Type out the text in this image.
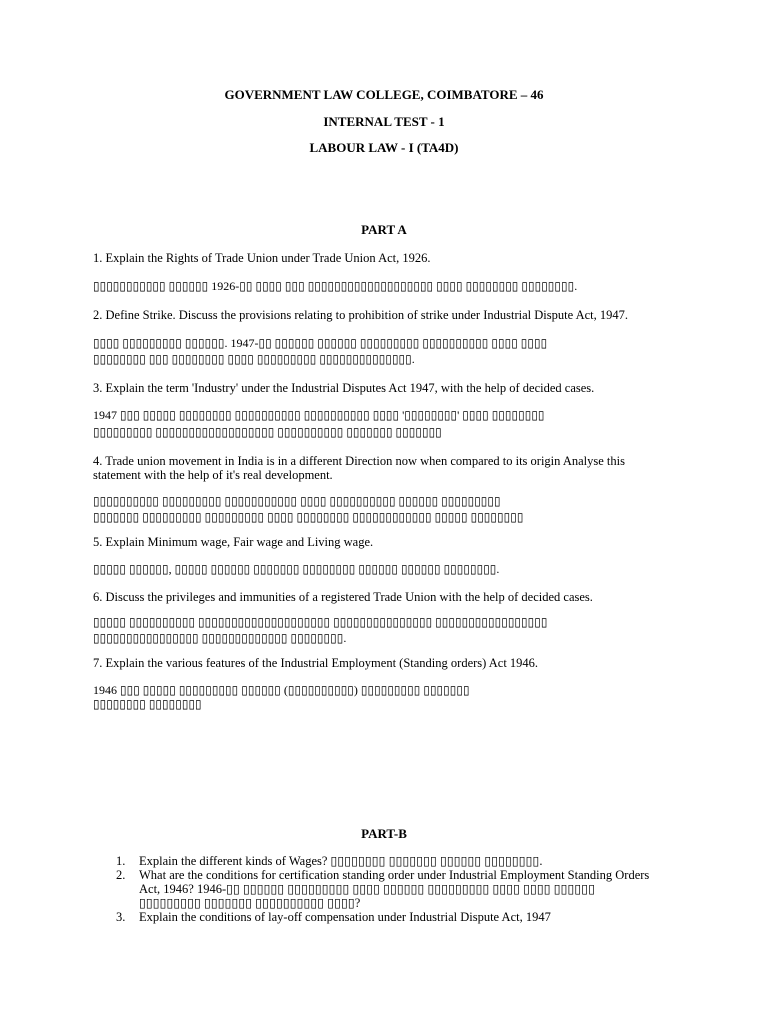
GOVERNMENT LAW COLLEGE, COIMBATORE – 46
INTERNAL TEST - 1
LABOUR LAW - I (TA4D)
PART A
1. Explain the Rights of Trade Union under Trade Union Act, 1926.
▯▯▯▯▯▯▯▯▯▯▯ ▯▯▯▯▯▯ 1926-▯▯ ▯▯▯▯ ▯▯▯ ▯▯▯▯▯▯▯▯▯▯▯▯▯▯▯▯▯▯▯ ▯▯▯▯ ▯▯▯▯▯▯▯▯ ▯▯▯▯▯▯▯▯.
2. Define Strike. Discuss the provisions relating to prohibition of strike under Industrial Dispute Act, 1947.
▯▯▯▯ ▯▯▯▯▯▯▯▯▯ ▯▯▯▯▯▯. 1947-▯▯ ▯▯▯▯▯▯ ▯▯▯▯▯▯ ▯▯▯▯▯▯▯▯▯ ▯▯▯▯▯▯▯▯▯▯ ▯▯▯▯ ▯▯▯▯
▯▯▯▯▯▯▯▯ ▯▯▯ ▯▯▯▯▯▯▯▯ ▯▯▯▯ ▯▯▯▯▯▯▯▯▯ ▯▯▯▯▯▯▯▯▯▯▯▯▯▯.
3. Explain the term 'Industry' under the Industrial Disputes Act 1947, with the help of decided cases.
1947 ▯▯▯ ▯▯▯▯▯ ▯▯▯▯▯▯▯▯ ▯▯▯▯▯▯▯▯▯▯ ▯▯▯▯▯▯▯▯▯▯ ▯▯▯▯ '▯▯▯▯▯▯▯▯' ▯▯▯▯ ▯▯▯▯▯▯▯▯
▯▯▯▯▯▯▯▯▯ ▯▯▯▯▯▯▯▯▯▯▯▯▯▯▯▯▯▯ ▯▯▯▯▯▯▯▯▯▯ ▯▯▯▯▯▯▯ ▯▯▯▯▯▯▯
4. Trade union movement in India is in a different Direction now when compared to its origin Analyse this
statement with the help of it's real development.
▯▯▯▯▯▯▯▯▯▯ ▯▯▯▯▯▯▯▯▯ ▯▯▯▯▯▯▯▯▯▯▯ ▯▯▯▯ ▯▯▯▯▯▯▯▯▯▯ ▯▯▯▯▯▯ ▯▯▯▯▯▯▯▯▯
▯▯▯▯▯▯▯ ▯▯▯▯▯▯▯▯▯ ▯▯▯▯▯▯▯▯▯ ▯▯▯▯ ▯▯▯▯▯▯▯▯ ▯▯▯▯▯▯▯▯▯▯▯▯ ▯▯▯▯▯ ▯▯▯▯▯▯▯▯
5. Explain Minimum wage, Fair wage and Living wage.
▯▯▯▯▯ ▯▯▯▯▯▯, ▯▯▯▯▯ ▯▯▯▯▯▯ ▯▯▯▯▯▯▯ ▯▯▯▯▯▯▯▯ ▯▯▯▯▯▯ ▯▯▯▯▯▯ ▯▯▯▯▯▯▯▯.
6. Discuss the privileges and immunities of a registered Trade Union with the help of decided cases.
▯▯▯▯▯ ▯▯▯▯▯▯▯▯▯▯ ▯▯▯▯▯▯▯▯▯▯▯▯▯▯▯▯▯▯▯▯ ▯▯▯▯▯▯▯▯▯▯▯▯▯▯▯ ▯▯▯▯▯▯▯▯▯▯▯▯▯▯▯▯▯
▯▯▯▯▯▯▯▯▯▯▯▯▯▯▯▯ ▯▯▯▯▯▯▯▯▯▯▯▯▯ ▯▯▯▯▯▯▯▯.
7. Explain the various features of the Industrial Employment (Standing orders) Act 1946.
1946 ▯▯▯ ▯▯▯▯▯ ▯▯▯▯▯▯▯▯▯ ▯▯▯▯▯▯ (▯▯▯▯▯▯▯▯▯▯) ▯▯▯▯▯▯▯▯▯ ▯▯▯▯▯▯▯
▯▯▯▯▯▯▯▯ ▯▯▯▯▯▯▯▯
PART-B
1.	Explain the different kinds of Wages? ▯▯▯▯▯▯▯▯ ▯▯▯▯▯▯▯ ▯▯▯▯▯▯ ▯▯▯▯▯▯▯▯.
2.	What are the conditions for certification standing order under Industrial Employment Standing Orders
Act, 1946? 1946-▯▯ ▯▯▯▯▯▯ ▯▯▯▯▯▯▯▯▯ ▯▯▯▯ ▯▯▯▯▯▯ ▯▯▯▯▯▯▯▯▯ ▯▯▯▯ ▯▯▯▯ ▯▯▯▯▯▯
▯▯▯▯▯▯▯▯▯ ▯▯▯▯▯▯▯ ▯▯▯▯▯▯▯▯▯▯ ▯▯▯▯?
3.	Explain the conditions of lay-off compensation under Industrial Dispute Act, 1947
